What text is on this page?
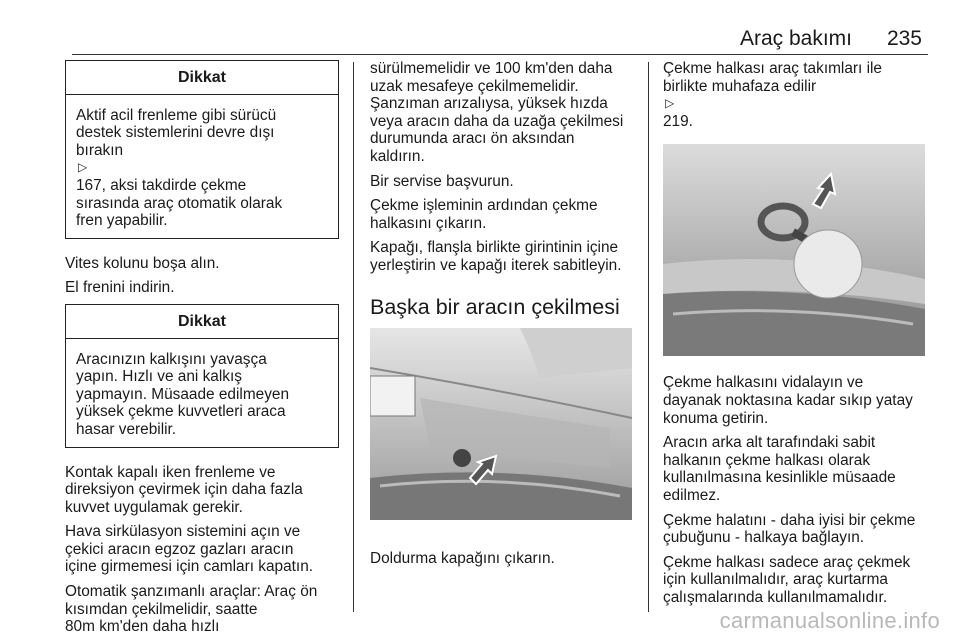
Araç bakımı 235
Dikkat
Aktif acil frenleme gibi sürücü
destek sistemlerini devre dışı
bırakın
▷
167, aksi takdirde çekme
sırasında araç otomatik olarak
fren yapabilir.

Vites kolunu boşa alın.

El frenini indirin.

Dikkat
Aracınızın kalkışını yavaşça
yapın. Hızlı ve ani kalkış
yapmayın. Müsaade edilmeyen
yüksek çekme kuvvetleri araca
hasar verebilir.

Kontak kapalı iken frenleme ve
direksiyon çevirmek için daha fazla
kuvvet uygulamak gerekir.

Hava sirkülasyon sistemini açın ve
çekici aracın egzoz gazları aracın
içine girmemesi için camları kapatın.

Otomatik şanzımanlı araçlar: Araç ön
kısımdan çekilmelidir, saatte
80m km'den daha hızlı

sürülmemelidir ve 100 km'den daha
uzak mesafeye çekilmemelidir.
Şanzıman arızalıysa, yüksek hızda
veya aracın daha da uzağa çekilmesi
durumunda aracı ön aksından
kaldırın.

Bir servise başvurun.

Çekme işleminin ardından çekme
halkasını çıkarın.

Kapağı, flanşla birlikte girintinin içine
yerleştirin ve kapağı iterek sabitleyin.

Başka bir aracın çekilmesi

Doldurma kapağını çıkarın.

Çekme halkası araç takımları ile
birlikte muhafaza edilir
▷
219.

Çekme halkasını vidalayın ve
dayanak noktasına kadar sıkıp yatay
konuma getirin.

Aracın arka alt tarafındaki sabit
halkanın çekme halkası olarak
kullanılmasına kesinlikle müsaade
edilmez.

Çekme halatını - daha iyisi bir çekme
çubuğunu - halkaya bağlayın.

Çekme halkası sadece araç çekmek
için kullanılmalıdır, araç kurtarma
çalışmalarında kullanılmamalıdır.

carmanualsonline.info
